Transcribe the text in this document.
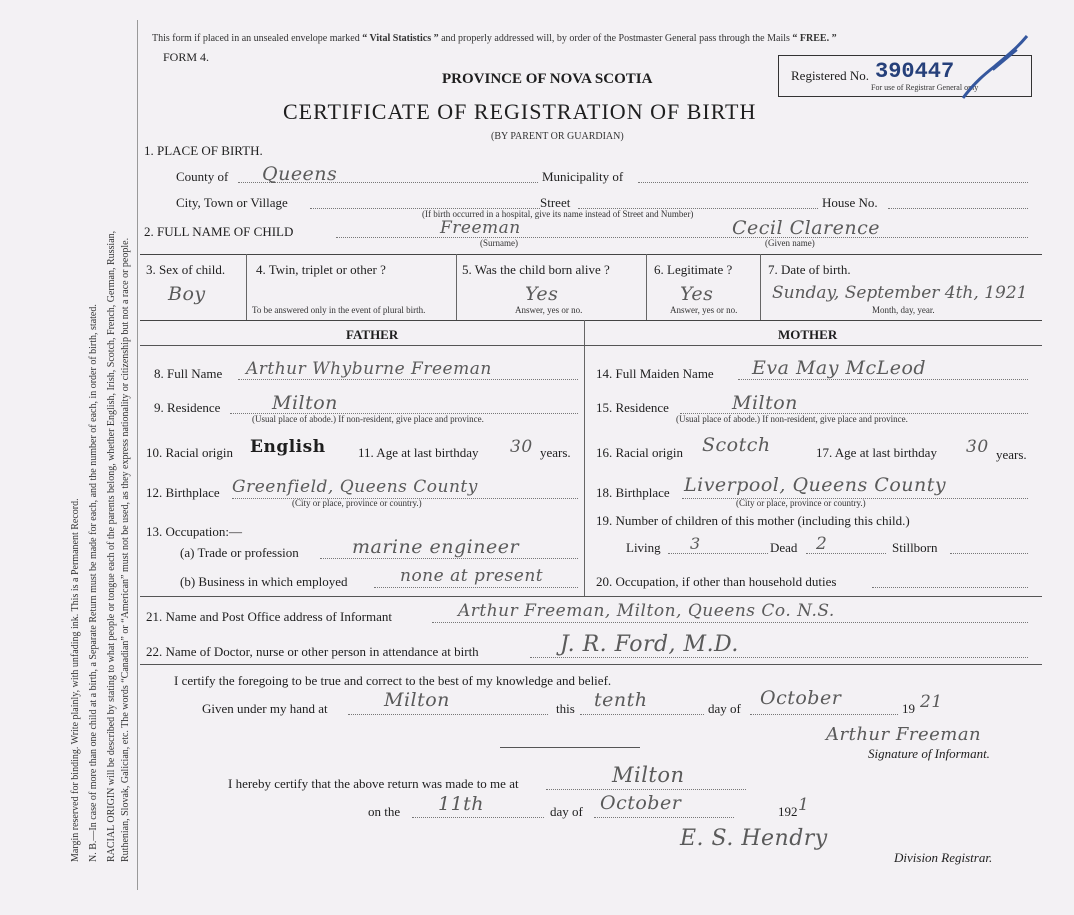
Margin reserved for binding. Write plainly, with unfading ink. This is a Permanent Record. N. B.—In case of more than one child at a birth, a Separate Return must be made for each, and the number of each, in order of birth, stated. RACIAL ORIGIN will be described by stating to what people or tongue each of the parents belong, whether English, Irish, Scotch, French, German, Russian, Ruthenian, Slovak, Galician, etc. The words “Canadian” or “American” must not be used, as they express nationality or citizenship but not a race or people.
This form if placed in an unsealed envelope marked “ Vital Statistics ” and properly addressed will, by order of the Postmaster General pass through the Mails “ FREE. ”
FORM 4.
PROVINCE OF NOVA SCOTIA
CERTIFICATE OF REGISTRATION OF BIRTH
(BY PARENT OR GUARDIAN)
Registered No. 390447
For use of Registrar General only
1. PLACE OF BIRTH.
County of Queens	Municipality of
City, Town or Village	Street	House No.
(If birth occurred in a hospital, give its name instead of Street and Number)
2. FULL NAME OF CHILD	Freeman
(Surname)
Cecil Clarence
(Given name)
3. Sex of child.
Boy
4. Twin, triplet or other ?
To be answered only in the event of plural birth.
5. Was the child born alive ?
Yes
Answer, yes or no.
6. Legitimate ?
Yes
Answer, yes or no.
7. Date of birth.
Sunday, September 4th, 1921
Month, day, year.
FATHER	MOTHER
8. Full Name Arthur Whyburne Freeman
9. Residence	Milton
(Usual place of abode.) If non-resident, give place and province.
10. Racial origin English 11. Age at last birthday 30 years.
12. Birthplace Greenfield, Queens County
(City or place, province or country.)
13. Occupation:—
(a) Trade or profession	marine engineer
(b) Business in which employed	none at present
14. Full Maiden Name Eva May McLeod
15. Residence	Milton
(Usual place of abode.) If non-resident, give place and province.
16. Racial origin Scotch	17. Age at last birthday 30 years.
18. Birthplace Liverpool, Queens County
(City or place, province or country.)
19. Number of children of this mother (including this child.)
Living 3	Dead 2	Stillborn
20. Occupation, if other than household duties
21. Name and Post Office address of Informant	Arthur Freeman, Milton, Queens Co. N.S.
22. Name of Doctor, nurse or other person in attendance at birth	J. R. Ford, M.D.
I certify the foregoing to be true and correct to the best of my knowledge and belief.
Given under my hand at	Milton	this tenth	day of October	19 21
Arthur Freeman
Signature of Informant.
I hereby certify that the above return was made to me at	Milton
on the 11th	day of October	192 1
E. S. Hendry
Division Registrar.
